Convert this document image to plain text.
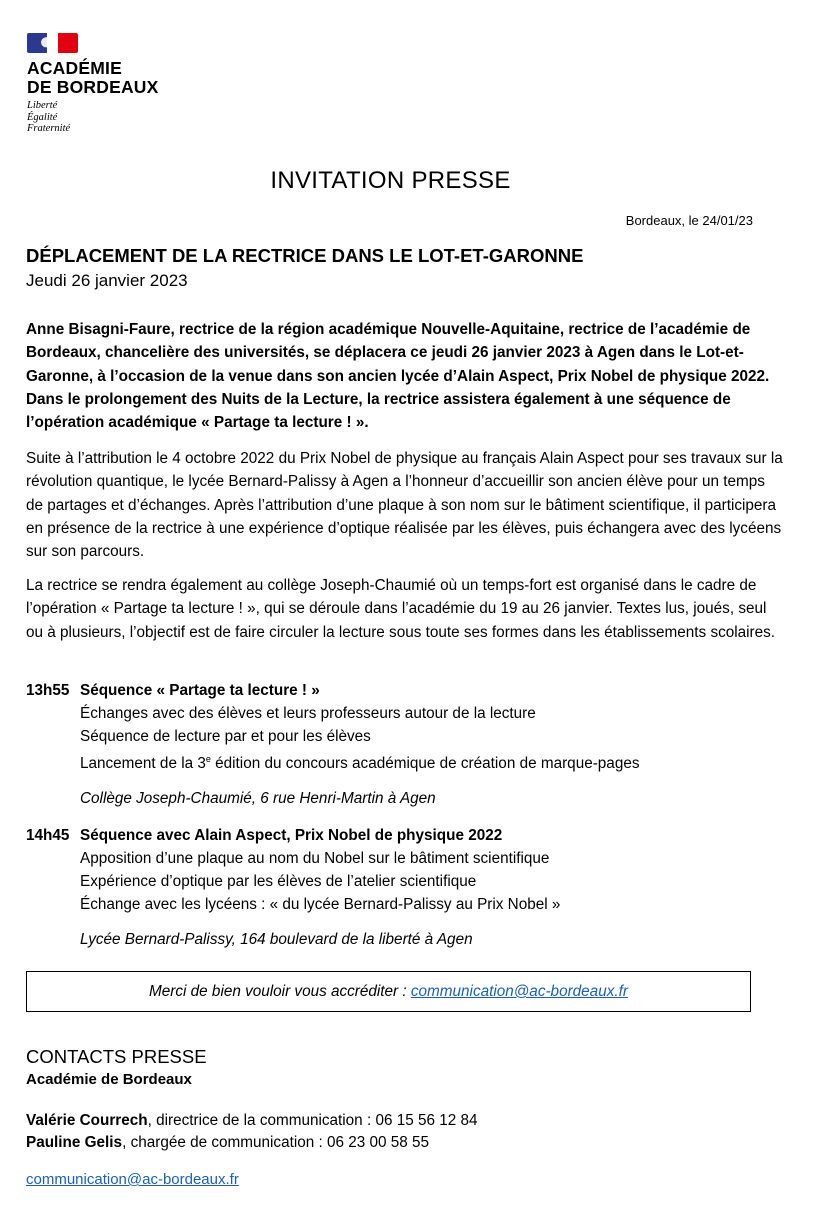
ACADÉMIE
DE BORDEAUX
Liberté
Égalité
Fraternité
INVITATION PRESSE
Bordeaux, le 24/01/23
DÉPLACEMENT DE LA RECTRICE DANS LE LOT-ET-GARONNE
Jeudi 26 janvier 2023

Anne Bisagni-Faure, rectrice de la région académique Nouvelle-Aquitaine, rectrice de l’académie de Bordeaux, chancelière des universités, se déplacera ce jeudi 26 janvier 2023 à Agen dans le Lot-et-Garonne, à l’occasion de la venue dans son ancien lycée d’Alain Aspect, Prix Nobel de physique 2022. Dans le prolongement des Nuits de la Lecture, la rectrice assistera également à une séquence de l’opération académique « Partage ta lecture ! ».

Suite à l’attribution le 4 octobre 2022 du Prix Nobel de physique au français Alain Aspect pour ses travaux sur la révolution quantique, le lycée Bernard-Palissy à Agen a l’honneur d’accueillir son ancien élève pour un temps de partages et d’échanges. Après l’attribution d’une plaque à son nom sur le bâtiment scientifique, il participera en présence de la rectrice à une expérience d’optique réalisée par les élèves, puis échangera avec des lycéens sur son parcours.

La rectrice se rendra également au collège Joseph-Chaumié où un temps-fort est organisé dans le cadre de l’opération « Partage ta lecture ! », qui se déroule dans l’académie du 19 au 26 janvier. Textes lus, joués, seul ou à plusieurs, l’objectif est de faire circuler la lecture sous toute ses formes dans les établissements scolaires.

13h55 Séquence « Partage ta lecture ! »
Échanges avec des élèves et leurs professeurs autour de la lecture
Séquence de lecture par et pour les élèves
Lancement de la 3e édition du concours académique de création de marque-pages
Collège Joseph-Chaumié, 6 rue Henri-Martin à Agen
14h45 Séquence avec Alain Aspect, Prix Nobel de physique 2022
Apposition d’une plaque au nom du Nobel sur le bâtiment scientifique
Expérience d’optique par les élèves de l’atelier scientifique
Échange avec les lycéens : « du lycée Bernard-Palissy au Prix Nobel »
Lycée Bernard-Palissy, 164 boulevard de la liberté à Agen
Merci de bien vouloir vous accréditer : communication@ac-bordeaux.fr
CONTACTS PRESSE
Académie de Bordeaux
Valérie Courrech, directrice de la communication : 06 15 56 12 84
Pauline Gelis, chargée de communication : 06 23 00 58 55
communication@ac-bordeaux.fr
